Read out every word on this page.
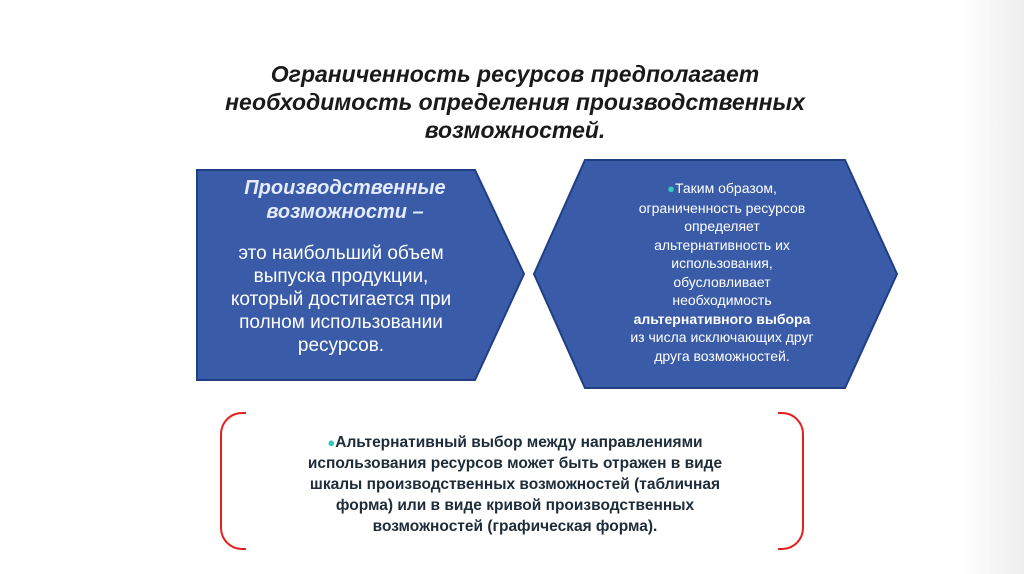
Ограниченность ресурсов предполагает
необходимость определения производственных
возможностей.
Производственные
возможности –
это наибольший объем
выпуска продукции,
который достигается при
полном использовании
ресурсов.
●Таким образом,
ограниченность ресурсов
определяет
альтернативность их
использования,
обусловливает
необходимость
альтернативного выбора
из числа исключающих друг
друга возможностей.
●Альтернативный выбор между направлениями
использования ресурсов может быть отражен в виде
шкалы производственных возможностей (табличная
форма) или в виде кривой производственных
возможностей (графическая форма).
